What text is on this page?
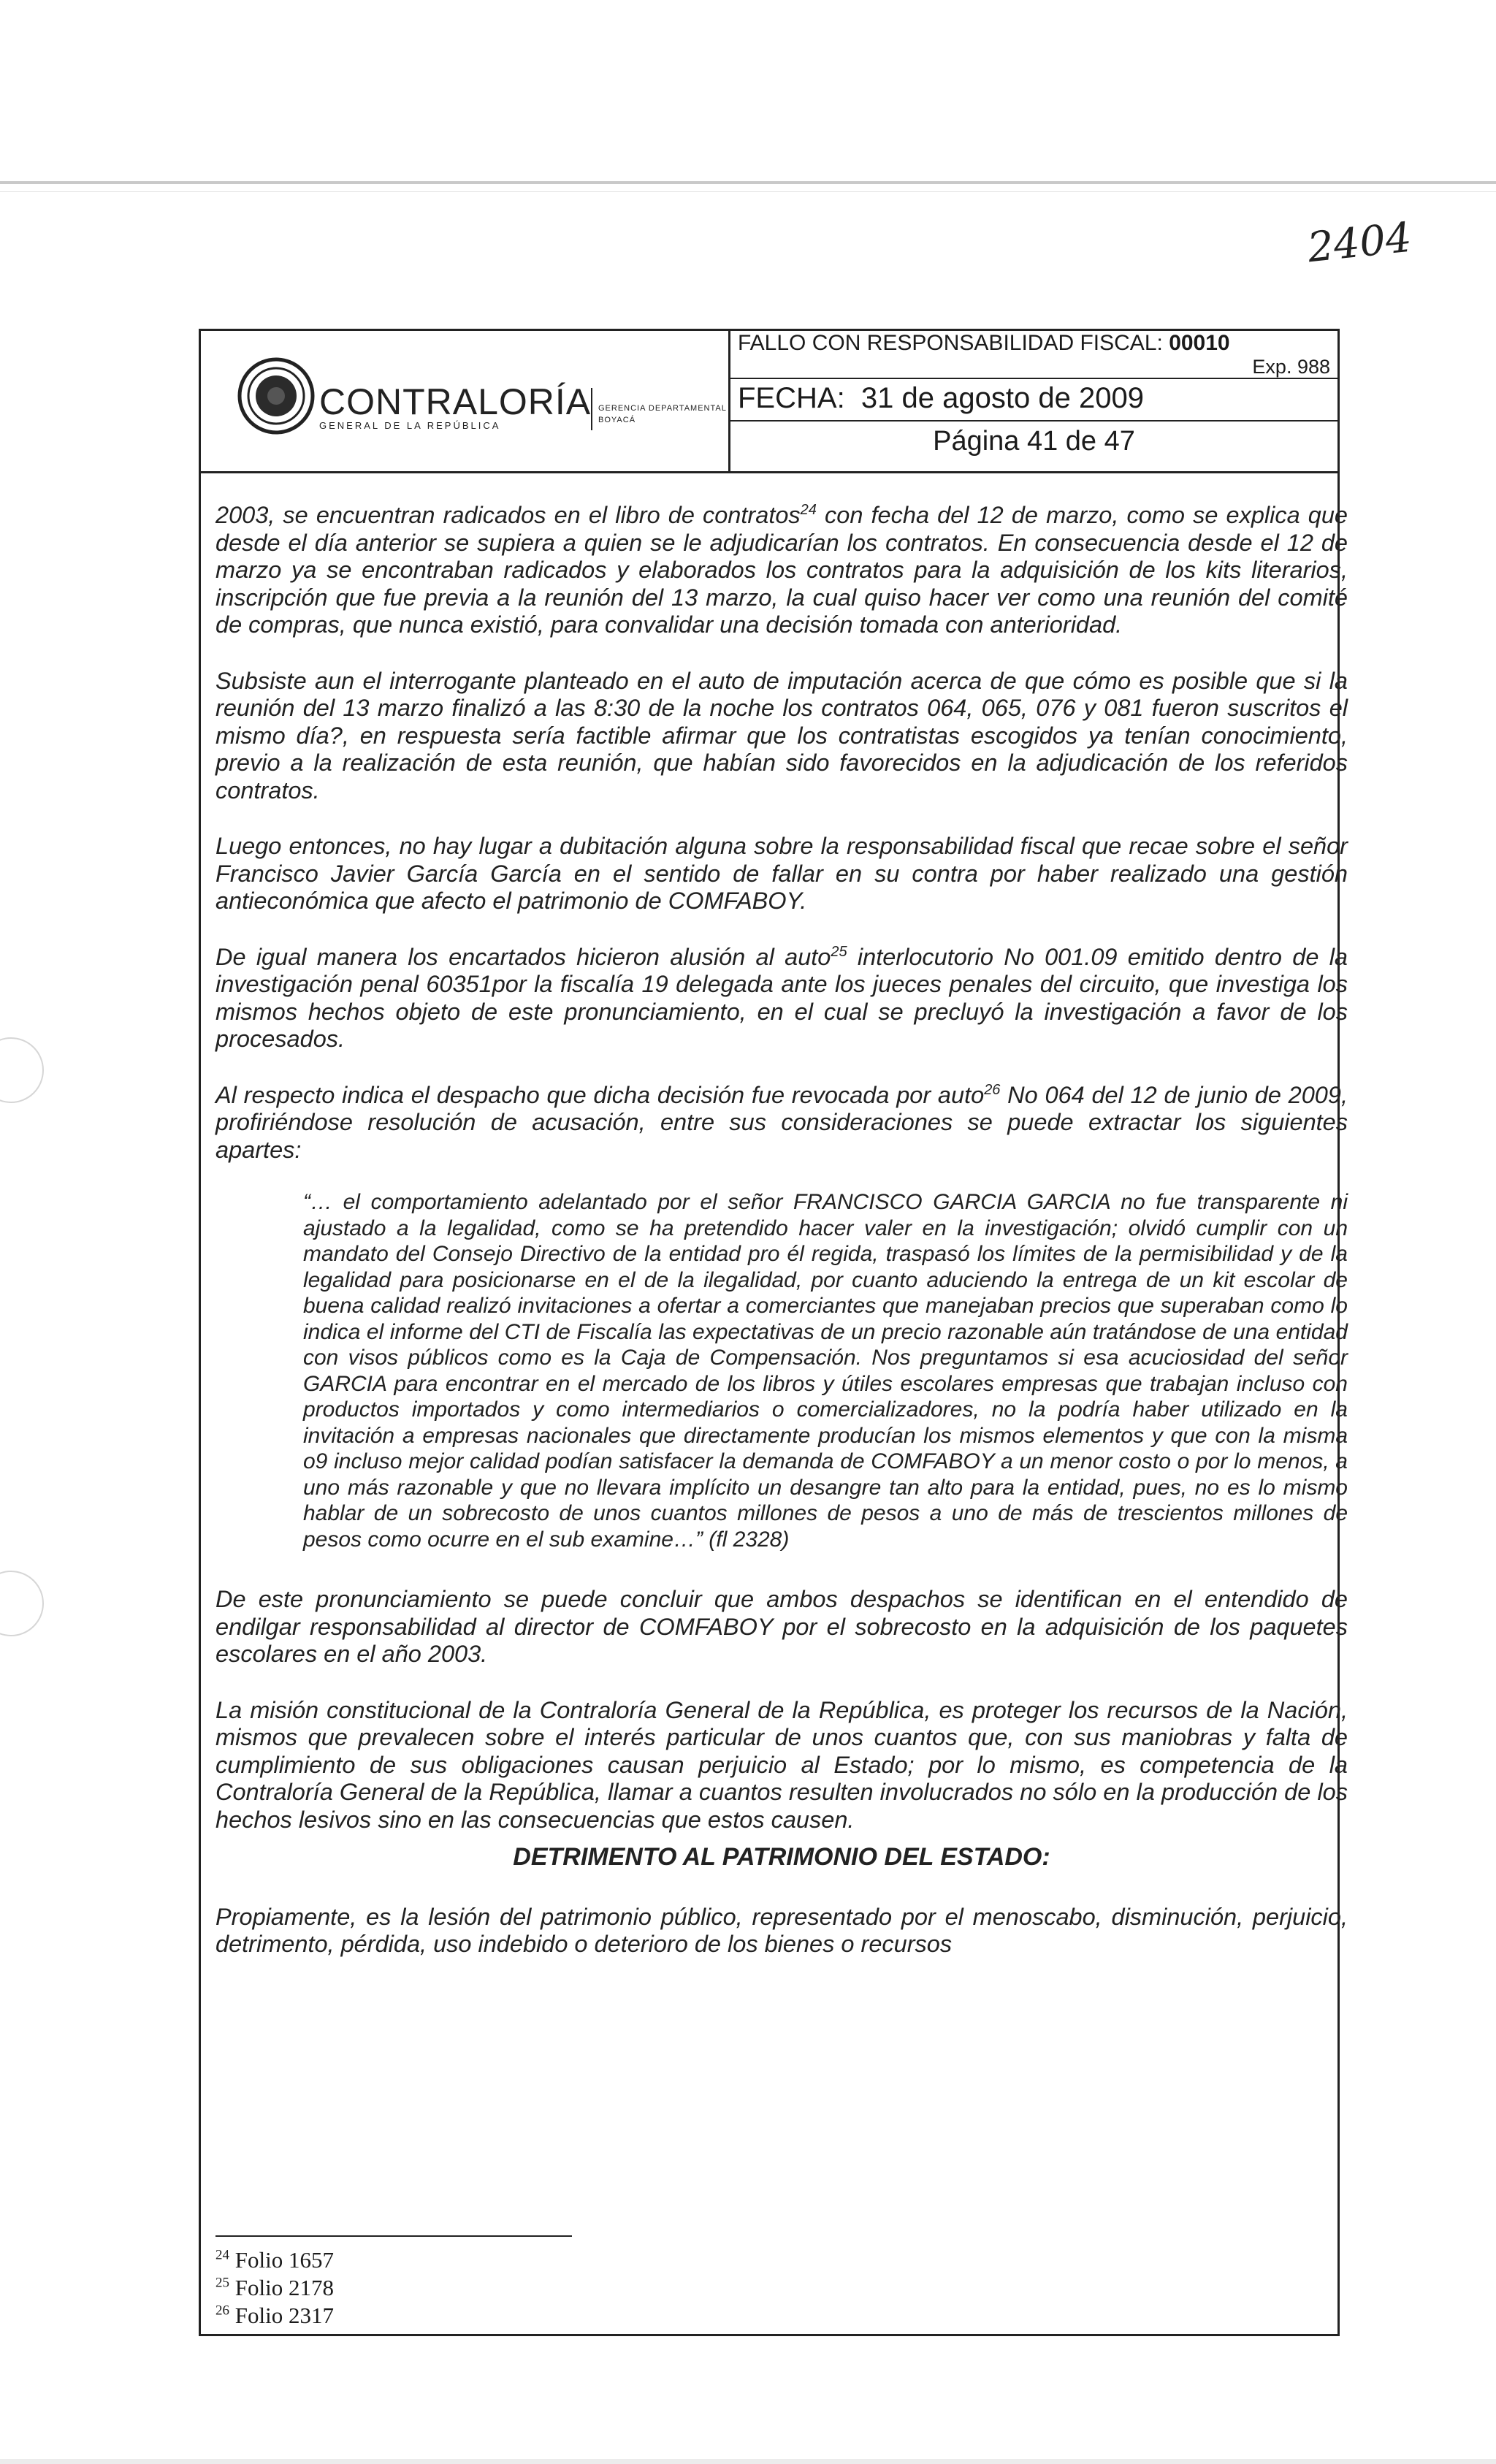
2404
CONTRALORÍA
GENERAL DE LA REPÚBLICA
GERENCIA DEPARTAMENTAL
BOYACÁ
FALLO CON RESPONSABILIDAD FISCAL: 00010
Exp. 988
FECHA: 31 de agosto de 2009
Página 41 de 47

2003, se encuentran radicados en el libro de contratos$^{24}$ con fecha del 12 de marzo, como se explica que desde el día anterior se supiera a quien se le adjudicarían los contratos. En consecuencia desde el 12 de marzo ya se encontraban radicados y elaborados los contratos para la adquisición de los kits literarios, inscripción que fue previa a la reunión del 13 marzo, la cual quiso hacer ver como una reunión del comité de compras, que nunca existió, para convalidar una decisión tomada con anterioridad.

Subsiste aun el interrogante planteado en el auto de imputación acerca de que cómo es posible que si la reunión del 13 marzo finalizó a las 8:30 de la noche los contratos 064, 065, 076 y 081 fueron suscritos el mismo día?, en respuesta sería factible afirmar que los contratistas escogidos ya tenían conocimiento, previo a la realización de esta reunión, que habían sido favorecidos en la adjudicación de los referidos contratos.

Luego entonces, no hay lugar a dubitación alguna sobre la responsabilidad fiscal que recae sobre el señor Francisco Javier García García en el sentido de fallar en su contra por haber realizado una gestión antieconómica que afecto el patrimonio de COMFABOY.

De igual manera los encartados hicieron alusión al auto$^{25}$ interlocutorio No 001.09 emitido dentro de la investigación penal 60351por la fiscalía 19 delegada ante los jueces penales del circuito, que investiga los mismos hechos objeto de este pronunciamiento, en el cual se precluyó la investigación a favor de los procesados.

Al respecto indica el despacho que dicha decisión fue revocada por auto$^{26}$ No 064 del 12 de junio de 2009, profiriéndose resolución de acusación, entre sus consideraciones se puede extractar los siguientes apartes:

“… el comportamiento adelantado por el señor FRANCISCO GARCIA GARCIA no fue transparente ni ajustado a la legalidad, como se ha pretendido hacer valer en la investigación; olvidó cumplir con un mandato del Consejo Directivo de la entidad pro él regida, traspasó los límites de la permisibilidad y de la legalidad para posicionarse en el de la ilegalidad, por cuanto aduciendo la entrega de un kit escolar de buena calidad realizó invitaciones a ofertar a comerciantes que manejaban precios que superaban como lo indica el informe del CTI de Fiscalía las expectativas de un precio razonable aún tratándose de una entidad con visos públicos como es la Caja de Compensación. Nos preguntamos si esa acuciosidad del señor GARCIA para encontrar en el mercado de los libros y útiles escolares empresas que trabajan incluso con productos importados y como intermediarios o comercializadores, no la podría haber utilizado en la invitación a empresas nacionales que directamente producían los mismos elementos y que con la misma o9 incluso mejor calidad podían satisfacer la demanda de COMFABOY a un menor costo o por lo menos, a uno más razonable y que no llevara implícito un desangre tan alto para la entidad, pues, no es lo mismo hablar de un sobrecosto de unos cuantos millones de pesos a uno de más de trescientos millones de pesos como ocurre en el sub examine…” (fl 2328)

De este pronunciamiento se puede concluir que ambos despachos se identifican en el entendido de endilgar responsabilidad al director de COMFABOY por el sobrecosto en la adquisición de los paquetes escolares en el año 2003.

La misión constitucional de la Contraloría General de la República, es proteger los recursos de la Nación, mismos que prevalecen sobre el interés particular de unos cuantos que, con sus maniobras y falta de cumplimiento de sus obligaciones causan perjuicio al Estado; por lo mismo, es competencia de la Contraloría General de la República, llamar a cuantos resulten involucrados no sólo en la producción de los hechos lesivos sino en las consecuencias que estos causen.

DETRIMENTO AL PATRIMONIO DEL ESTADO:

Propiamente, es la lesión del patrimonio público, representado por el menoscabo, disminución, perjuicio, detrimento, pérdida, uso indebido o deterioro de los bienes o recursos

$^{24}$ Folio 1657
$^{25}$ Folio 2178
$^{26}$ Folio 2317
